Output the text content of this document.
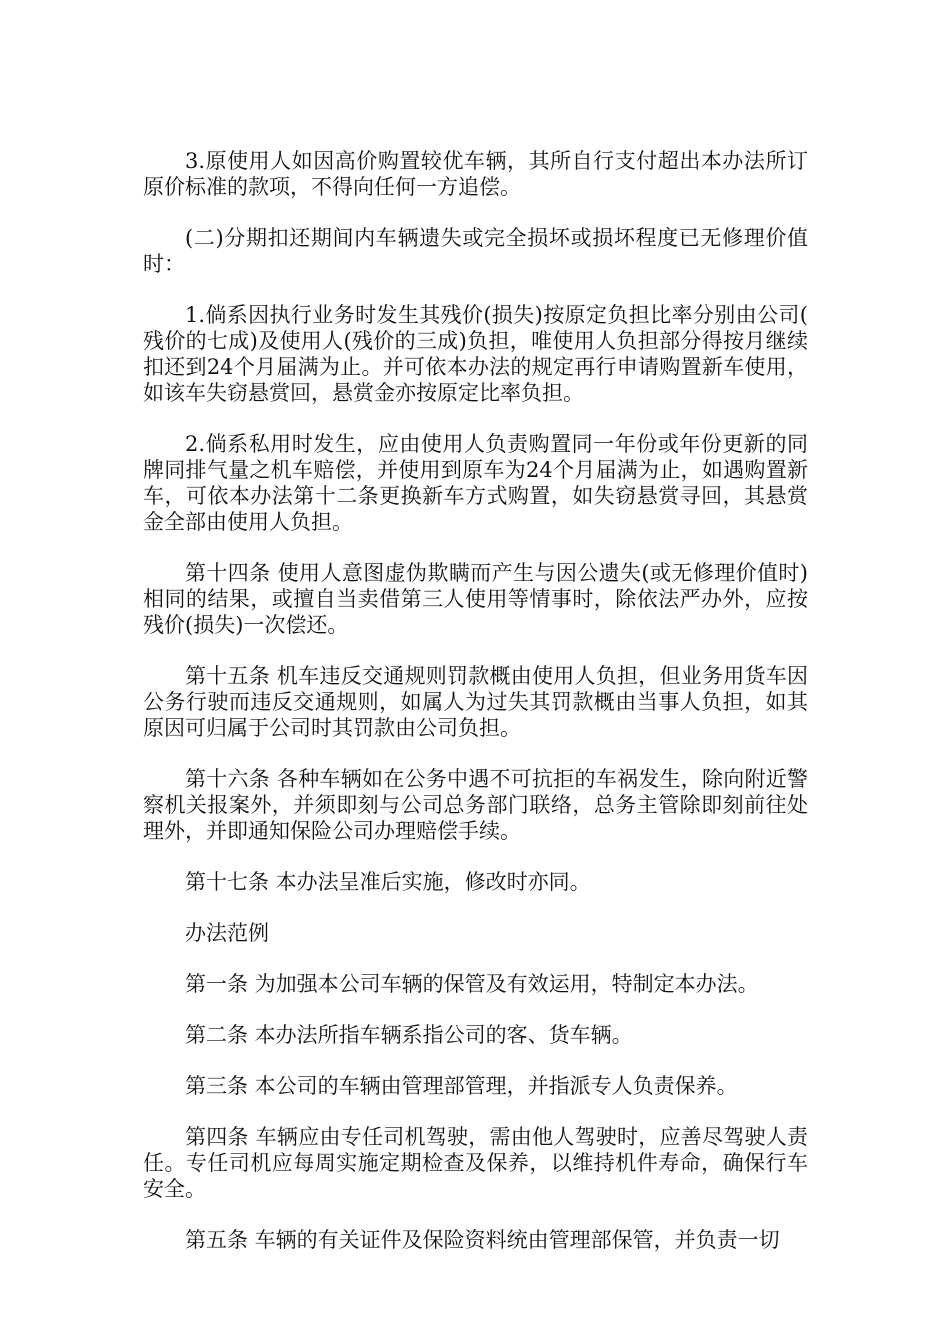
3.原使用人如因高价购置较优车辆，其所自行支付超出本办法所订原价标准的款项，不得向任何一方追偿。

(二)分期扣还期间内车辆遗失或完全损坏或损坏程度已无修理价值时：

1.倘系因执行业务时发生其残价(损失)按原定负担比率分别由公司(残价的七成)及使用人(残价的三成)负担，唯使用人负担部分得按月继续扣还到24个月届满为止。并可依本办法的规定再行申请购置新车使用，如该车失窃悬赏回，悬赏金亦按原定比率负担。

2.倘系私用时发生，应由使用人负责购置同一年份或年份更新的同牌同排气量之机车赔偿，并使用到原车为24个月届满为止，如遇购置新车，可依本办法第十二条更换新车方式购置，如失窃悬赏寻回，其悬赏金全部由使用人负担。

第十四条 使用人意图虚伪欺瞒而产生与因公遗失(或无修理价值时)相同的结果，或擅自当卖借第三人使用等情事时，除依法严办外，应按残价(损失)一次偿还。

第十五条 机车违反交通规则罚款概由使用人负担，但业务用货车因公务行驶而违反交通规则，如属人为过失其罚款概由当事人负担，如其原因可归属于公司时其罚款由公司负担。

第十六条 各种车辆如在公务中遇不可抗拒的车祸发生，除向附近警察机关报案外，并须即刻与公司总务部门联络，总务主管除即刻前往处理外，并即通知保险公司办理赔偿手续。

第十七条 本办法呈准后实施，修改时亦同。

办法范例

第一条 为加强本公司车辆的保管及有效运用，特制定本办法。

第二条 本办法所指车辆系指公司的客、货车辆。

第三条 本公司的车辆由管理部管理，并指派专人负责保养。

第四条 车辆应由专任司机驾驶，需由他人驾驶时，应善尽驾驶人责任。专任司机应每周实施定期检查及保养，以维持机件寿命，确保行车安全。

第五条 车辆的有关证件及保险资料统由管理部保管，并负责一切
